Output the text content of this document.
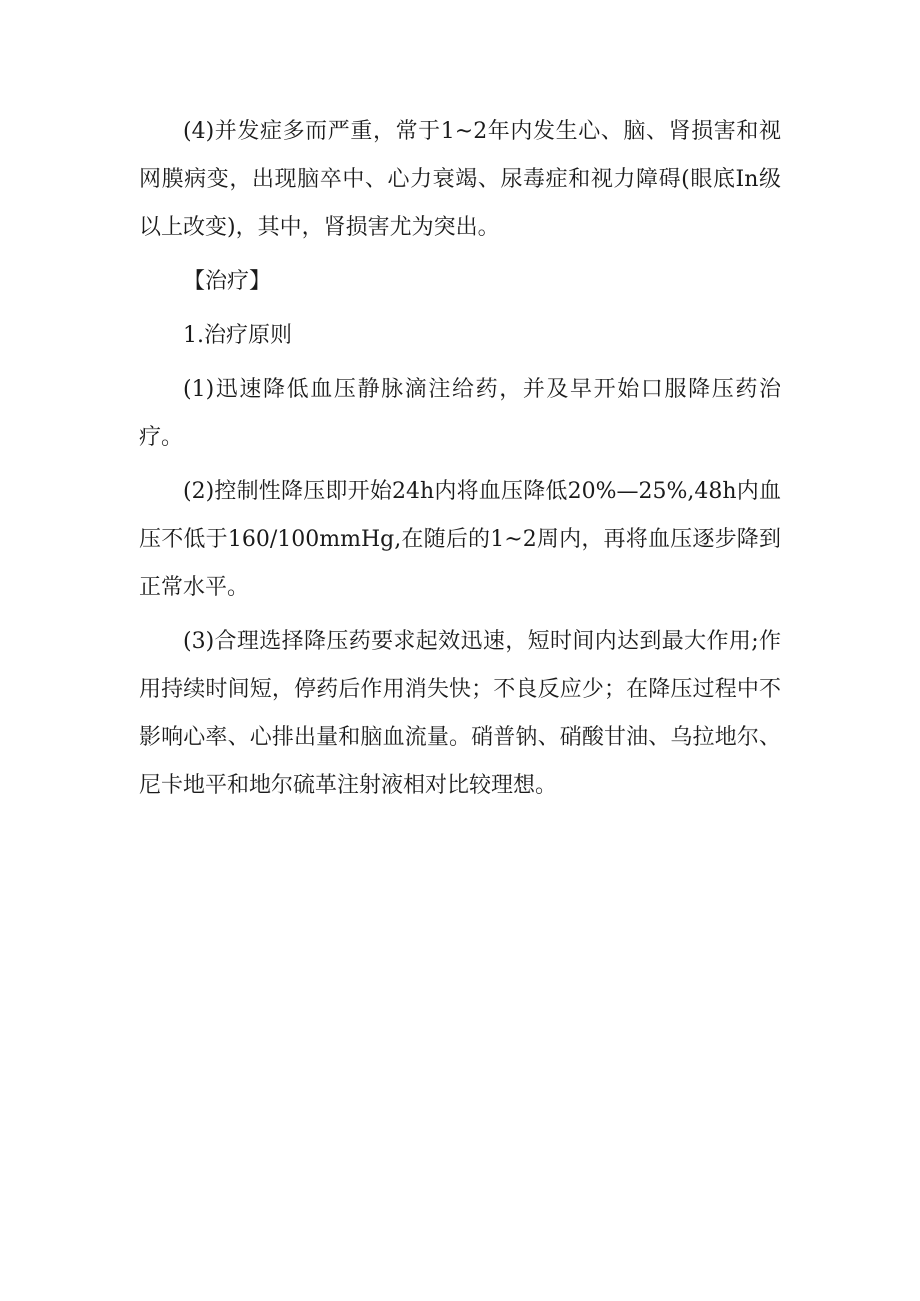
(4)并发症多而严重，常于1~2年内发生心、脑、肾损害和视网膜病变，出现脑卒中、心力衰竭、尿毒症和视力障碍(眼底In级以上改变)，其中，肾损害尤为突出。

【治疗】

1.治疗原则

(1)迅速降低血压静脉滴注给药，并及早开始口服降压药治疗。

(2)控制性降压即开始24h内将血压降低20%—25%,48h内血压不低于160/100mmHg,在随后的1~2周内，再将血压逐步降到正常水平。

(3)合理选择降压药要求起效迅速，短时间内达到最大作用;作用持续时间短，停药后作用消失快；不良反应少；在降压过程中不影响心率、心排出量和脑血流量。硝普钠、硝酸甘油、乌拉地尔、尼卡地平和地尔硫革注射液相对比较理想。
